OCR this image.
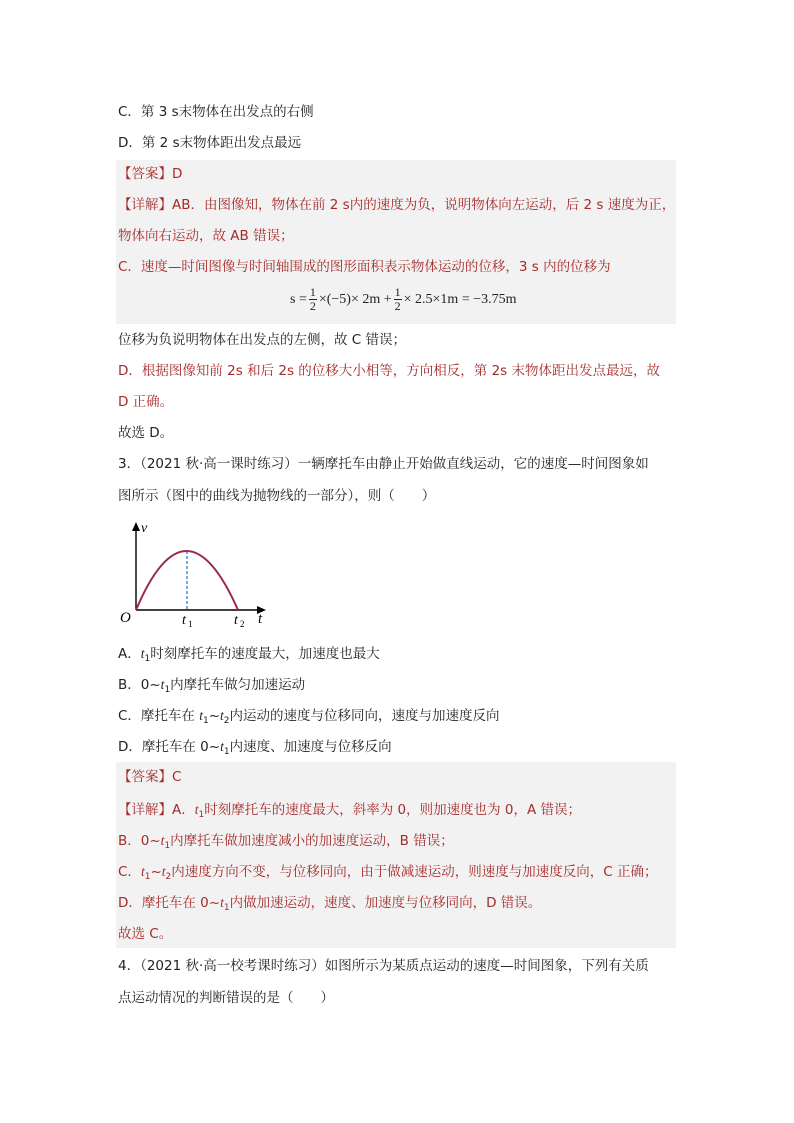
C．第 3 s末物体在出发点的右侧
D．第 2 s末物体距出发点最远
【答案】D
【详解】AB．由图像知，物体在前 2 s内的速度为负，说明物体向左运动，后 2 s 速度为正，
物体向右运动，故 AB 错误；
C．速度—时间图像与时间轴围成的图形面积表示物体运动的位移，3 s 内的位移为
$s = \frac{1}{2} \times(-5)\times 2m + \frac{1}{2} \times 2.5\times 1m = -3.75m$
位移为负说明物体在出发点的左侧，故 C 错误；
D．根据图像知前 2s 和后 2s 的位移大小相等，方向相反，第 2s 末物体距出发点最远，故
D 正确。
故选 D。
3．（2021 秋·高一课时练习）一辆摩托车由静止开始做直线运动，它的速度—时间图象如
图所示（图中的曲线为抛物线的一部分），则（　　）
v
t
O	t 1	t 2
A．$t_1$时刻摩托车的速度最大，加速度也最大
B．$0\sim t_1$内摩托车做匀加速运动
C．摩托车在 $t_1\sim t_2$内运动的速度与位移同向，速度与加速度反向
D．摩托车在 $0\sim t_1$内速度、加速度与位移反向
【答案】C
【详解】A．$t_1$时刻摩托车的速度最大，斜率为 0，则加速度也为 0，A 错误；
B．$0\sim t_1$内摩托车做加速度减小的加速度运动，B 错误；
C．$t_1\sim t_2$内速度方向不变，与位移同向，由于做减速运动，则速度与加速度反向，C 正确；
D．摩托车在 $0\sim t_1$内做加速运动，速度、加速度与位移同向，D 错误。
故选 C。
4．（2021 秋·高一校考课时练习）如图所示为某质点运动的速度—时间图象，下列有关质
点运动情况的判断错误的是（　　）
